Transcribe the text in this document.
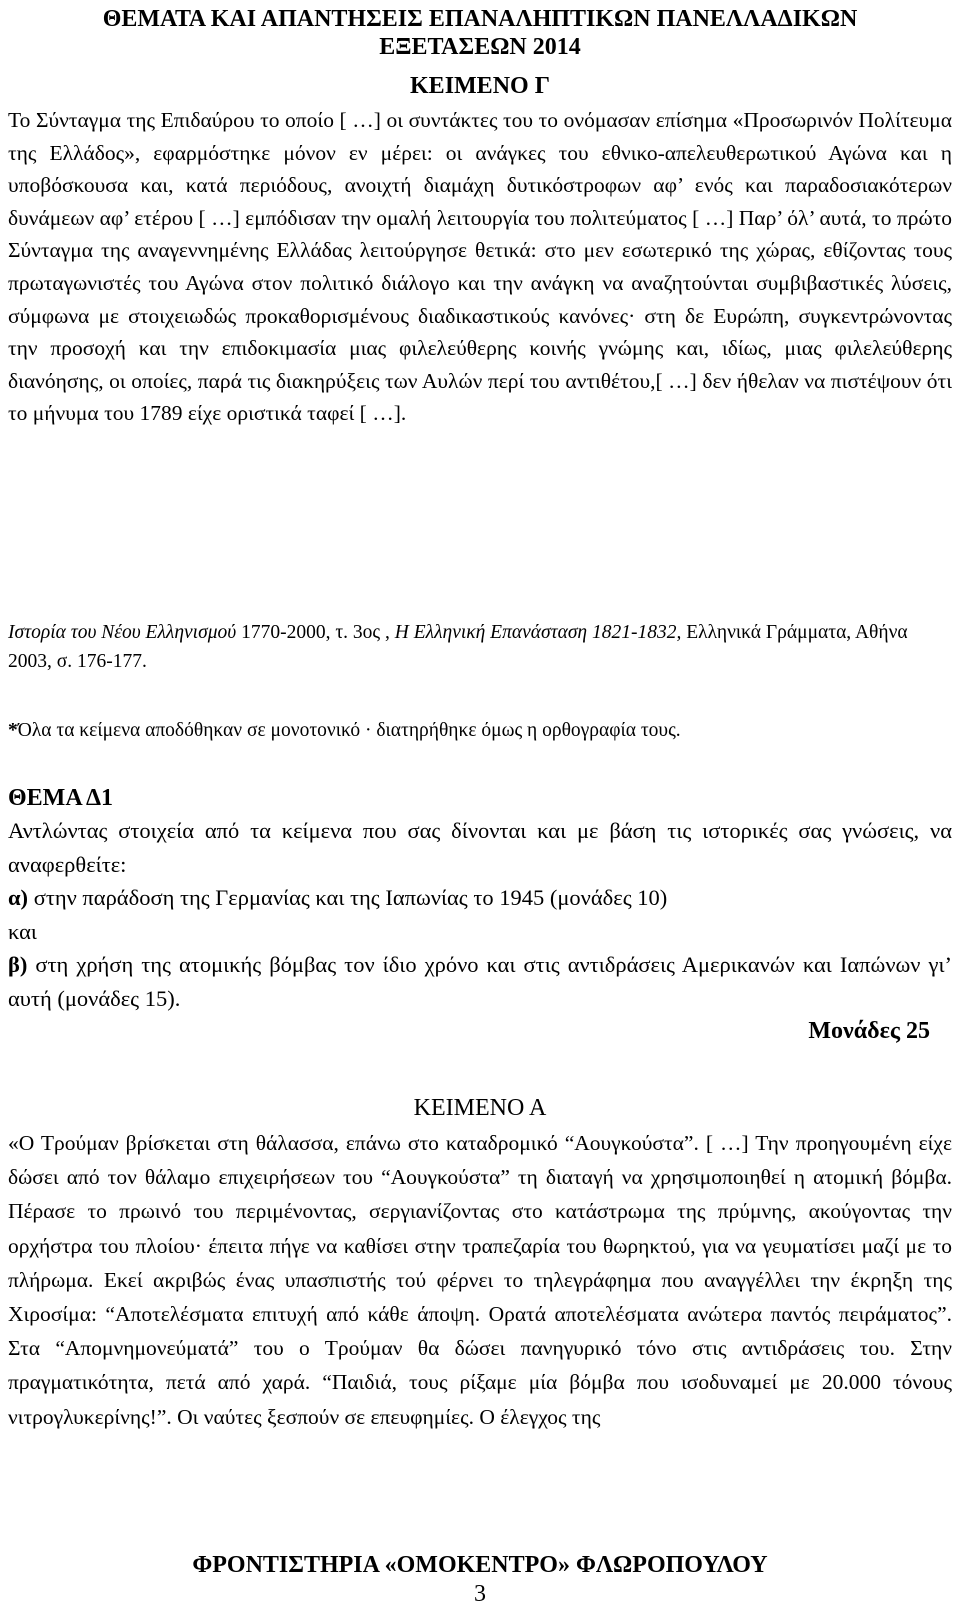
ΘΕΜΑΤΑ ΚΑΙ ΑΠΑΝΤΗΣΕΙΣ ΕΠΑΝΑΛΗΠΤΙΚΩΝ ΠΑΝΕΛΛΑΔΙΚΩΝ
ΕΞΕΤΑΣΕΩΝ 2014
ΚΕΙΜΕΝΟ Γ
Το Σύνταγμα της Επιδαύρου το οποίο [ …] οι συντάκτες του το ονόμασαν επίσημα «Προσωρινόν Πολίτευμα της Ελλάδος», εφαρμόστηκε μόνον εν μέρει: οι ανάγκες του εθνικο-απελευθερωτικού Αγώνα και η υποβόσκουσα και, κατά περιόδους, ανοιχτή διαμάχη δυτικόστροφων αφ’ ενός και παραδοσιακότερων δυνάμεων αφ’ ετέρου [ …] εμπόδισαν την ομαλή λειτουργία του πολιτεύματος [ …] Παρ’ όλ’ αυτά, το πρώτο Σύνταγμα της αναγεννημένης Ελλάδας λειτούργησε θετικά: στο μεν εσωτερικό της χώρας, εθίζοντας τους πρωταγωνιστές του Αγώνα στον πολιτικό διάλογο και την ανάγκη να αναζητούνται συμβιβαστικές λύσεις, σύμφωνα με στοιχειωδώς προκαθορισμένους διαδικαστικούς κανόνες· στη δε Ευρώπη, συγκεντρώνοντας την προσοχή και την επιδοκιμασία μιας φιλελεύθερης κοινής γνώμης και, ιδίως, μιας φιλελεύθερης διανόησης, οι οποίες, παρά τις διακηρύξεις των Αυλών περί του αντιθέτου,[ …] δεν ήθελαν να πιστέψουν ότι το μήνυμα του 1789 είχε οριστικά ταφεί [ …].
Ιστορία του Νέου Ελληνισμού 1770-2000, τ. 3ος , Η Ελληνική Επανάσταση 1821-1832, Ελληνικά Γράμματα, Αθήνα 2003, σ. 176-177.
*Όλα τα κείμενα αποδόθηκαν σε μονοτονικό · διατηρήθηκε όμως η ορθογραφία τους.
ΘΕΜΑ Δ1
Αντλώντας στοιχεία από τα κείμενα που σας δίνονται και με βάση τις ιστορικές σας γνώσεις, να αναφερθείτε:
α) στην παράδοση της Γερμανίας και της Ιαπωνίας το 1945 (μονάδες 10)
και
β) στη χρήση της ατομικής βόμβας τον ίδιο χρόνο και στις αντιδράσεις Αμερικανών και Ιαπώνων γι’ αυτή (μονάδες 15).
Μονάδες 25
ΚΕΙΜΕΝΟ Α
«Ο Τρούμαν βρίσκεται στη θάλασσα, επάνω στο καταδρομικό “Αουγκούστα”. [ …] Την προηγουμένη είχε δώσει από τον θάλαμο επιχειρήσεων του “Αουγκούστα” τη διαταγή να χρησιμοποιηθεί η ατομική βόμβα. Πέρασε το πρωινό του περιμένοντας, σεργιανίζοντας στο κατάστρωμα της πρύμνης, ακούγοντας την ορχήστρα του πλοίου· έπειτα πήγε να καθίσει στην τραπεζαρία του θωρηκτού, για να γευματίσει μαζί με το πλήρωμα. Εκεί ακριβώς ένας υπασπιστής τού φέρνει το τηλεγράφημα που αναγγέλλει την έκρηξη της Χιροσίμα: “Αποτελέσματα επιτυχή από κάθε άποψη. Ορατά αποτελέσματα ανώτερα παντός πειράματος”. Στα “Απομνημονεύματά” του ο Τρούμαν θα δώσει πανηγυρικό τόνο στις αντιδράσεις του. Στην πραγματικότητα, πετά από χαρά. “Παιδιά, τους ρίξαμε μία βόμβα που ισοδυναμεί με 20.000 τόνους νιτρογλυκερίνης!”. Οι ναύτες ξεσπούν σε επευφημίες. Ο έλεγχος της
ΦΡΟΝΤΙΣΤΗΡΙΑ «ΟΜΟΚΕΝΤΡΟ» ΦΛΩΡΟΠΟΥΛΟΥ
3
